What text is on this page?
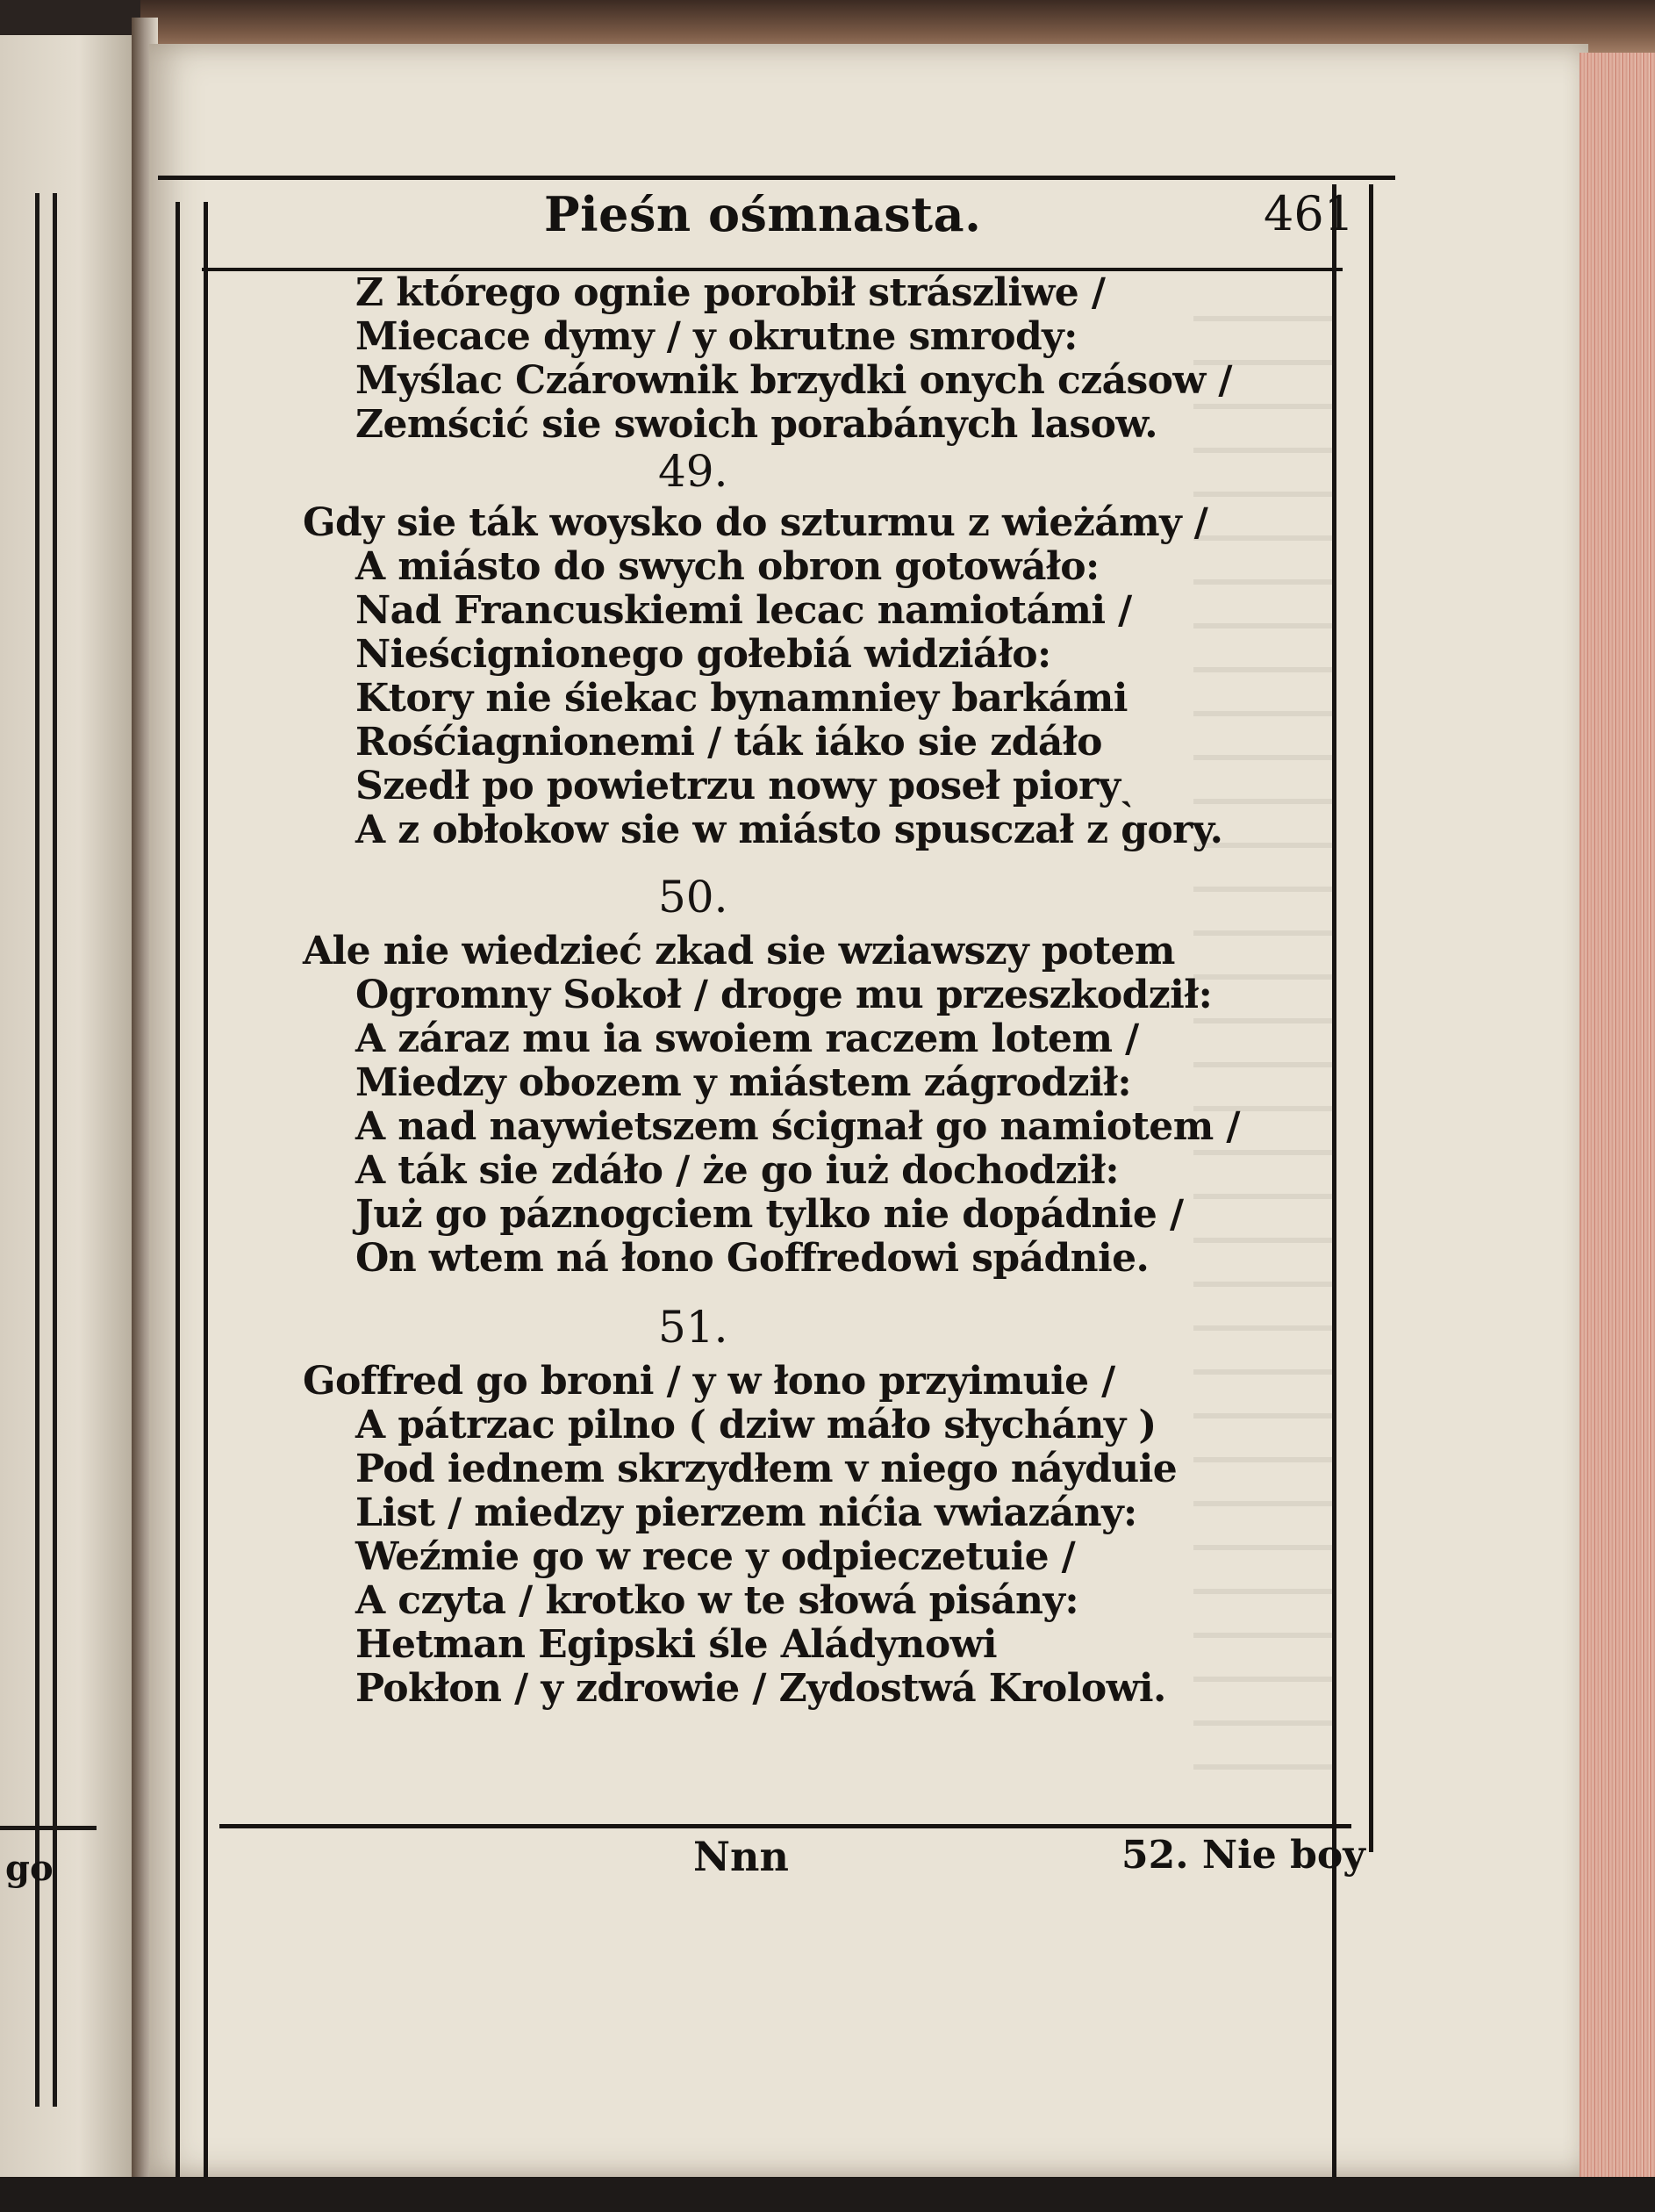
go
Pieśn ośmnasta.	461
Z którego ognie porobił strászliwe /
Miecace dymy / y okrutne smrody:
Myślac Czárownik brzydki onych czásow /
Zemścić sie swoich porabánych lasow.
49.
Gdy sie ták woysko do szturmu z wieżámy /
A miásto do swych obron gotowáło:
Nad Francuskiemi lecac namiotámi /
Nieścignionego gołebiá widziáło:
Ktory nie śiekac bynamniey barkámi
Rośćiagnionemi / ták iáko sie zdáło
Szedł po powietrzu nowy poseł pioryˎ
A z obłokow sie w miásto spusczał z gory.
50.
Ale nie wiedzieć zkad sie wziawszy potem
Ogromny Sokoł / droge mu przeszkodził:
A záraz mu ia swoiem raczem lotem /
Miedzy obozem y miástem zágrodził:
A nad naywietszem ścignał go namiotem /
A ták sie zdáło / że go iuż dochodził:
Już go páznogciem tylko nie dopádnie /
On wtem ná łono Goffredowi spádnie.
51.
Goffred go broni / y w łono przyimuie /
A pátrzac pilno ( dziw máło słychány )
Pod iednem skrzydłem v niego náyduie
List / miedzy pierzem nićia vwiazány:
Weźmie go w rece y odpieczetuie /
A czyta / krotko w te słowá pisány:
Hetman Egipski śle Aládynowi
Pokłon / y zdrowie / Zydostwá Krolowi.
Nnn	52. Nie boy
